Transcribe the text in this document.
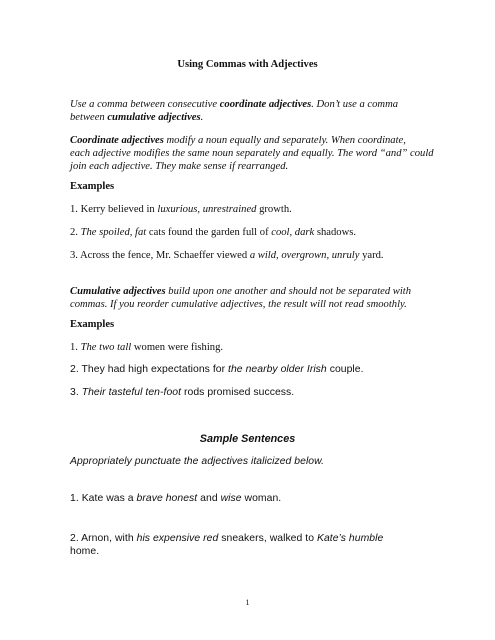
Using Commas with Adjectives
Use a comma between consecutive coordinate adjectives. Don’t use a comma
between cumulative adjectives.
Coordinate adjectives modify a noun equally and separately. When coordinate,
each adjective modifies the same noun separately and equally. The word “and” could
join each adjective. They make sense if rearranged.
Examples
1. Kerry believed in luxurious, unrestrained growth.
2. The spoiled, fat cats found the garden full of cool, dark shadows.
3. Across the fence, Mr. Schaeffer viewed a wild, overgrown, unruly yard.
Cumulative adjectives build upon one another and should not be separated with
commas. If you reorder cumulative adjectives, the result will not read smoothly.
Examples
1. The two tall women were fishing.
2. They had high expectations for the nearby older Irish couple.
3. Their tasteful ten-foot rods promised success.
Sample Sentences
Appropriately punctuate the adjectives italicized below.
1. Kate was a brave honest and wise woman.
2. Arnon, with his expensive red sneakers, walked to Kate’s humble
home.
1
